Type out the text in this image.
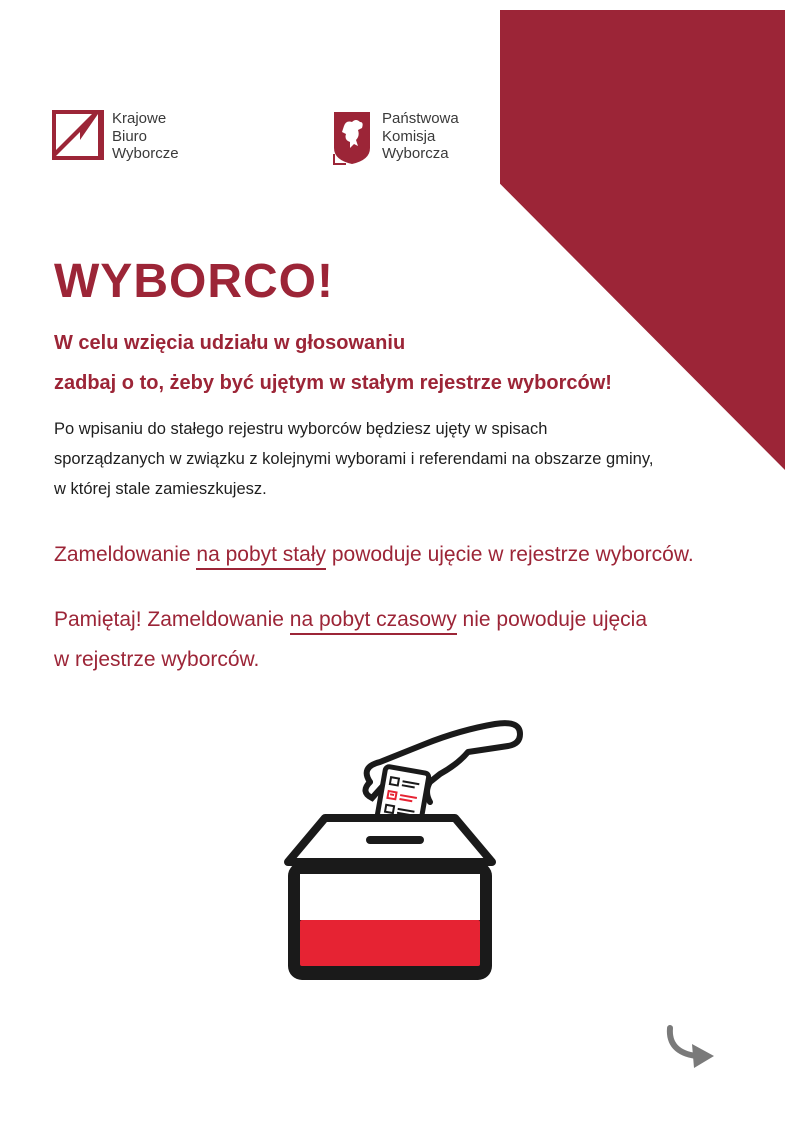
Krajowe
Biuro
Wyborcze
Państwowa
Komisja
Wyborcza
WYBORCO!

W celu wzięcia udziału w głosowaniu

zadbaj o to, żeby być ujętym w stałym rejestrze wyborców!

Po wpisaniu do stałego rejestru wyborców będziesz ujęty w spisach
sporządzanych w związku z kolejnymi wyborami i referendami na obszarze gminy,
w której stale zamieszkujesz.

Zameldowanie na pobyt stały powoduje ujęcie w rejestrze wyborców.

Pamiętaj! Zameldowanie na pobyt czasowy nie powoduje ujęcia

w rejestrze wyborców.
